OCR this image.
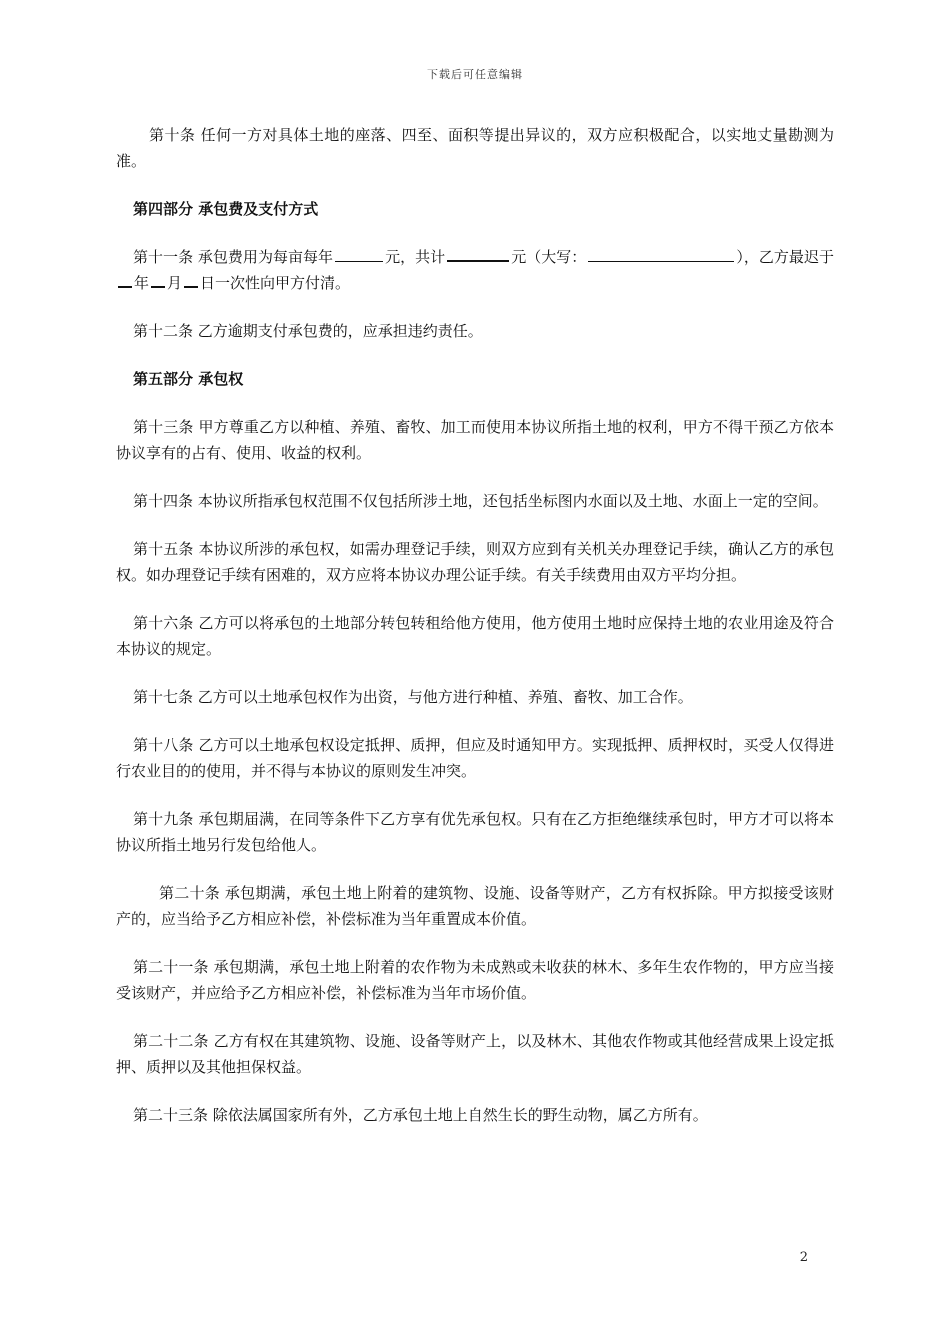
下载后可任意编辑

第十条 任何一方对具体土地的座落、四至、面积等提出异议的，双方应积极配合，以实地丈量勘测为准。

第四部分 承包费及支付方式

第十一条 承包费用为每亩每年	元，共计	元（大写：	），乙方最迟于年 月 日一次性向甲方付清。

第十二条 乙方逾期支付承包费的，应承担违约责任。

第五部分 承包权

第十三条 甲方尊重乙方以种植、养殖、畜牧、加工而使用本协议所指土地的权利，甲方不得干预乙方依本协议享有的占有、使用、收益的权利。

第十四条 本协议所指承包权范围不仅包括所涉土地，还包括坐标图内水面以及土地、水面上一定的空间。

第十五条 本协议所涉的承包权，如需办理登记手续，则双方应到有关机关办理登记手续，确认乙方的承包权。如办理登记手续有困难的，双方应将本协议办理公证手续。有关手续费用由双方平均分担。

第十六条 乙方可以将承包的土地部分转包转租给他方使用，他方使用土地时应保持土地的农业用途及符合本协议的规定。

第十七条 乙方可以土地承包权作为出资，与他方进行种植、养殖、畜牧、加工合作。

第十八条 乙方可以土地承包权设定抵押、质押，但应及时通知甲方。实现抵押、质押权时，买受人仅得进行农业目的的使用，并不得与本协议的原则发生冲突。

第十九条 承包期届满，在同等条件下乙方享有优先承包权。只有在乙方拒绝继续承包时，甲方才可以将本协议所指土地另行发包给他人。

第二十条 承包期满，承包土地上附着的建筑物、设施、设备等财产，乙方有权拆除。甲方拟接受该财产的，应当给予乙方相应补偿，补偿标准为当年重置成本价值。

第二十一条 承包期满，承包土地上附着的农作物为未成熟或未收获的林木、多年生农作物的，甲方应当接受该财产，并应给予乙方相应补偿，补偿标准为当年市场价值。

第二十二条 乙方有权在其建筑物、设施、设备等财产上，以及林木、其他农作物或其他经营成果上设定抵押、质押以及其他担保权益。

第二十三条 除依法属国家所有外，乙方承包土地上自然生长的野生动物，属乙方所有。

2
